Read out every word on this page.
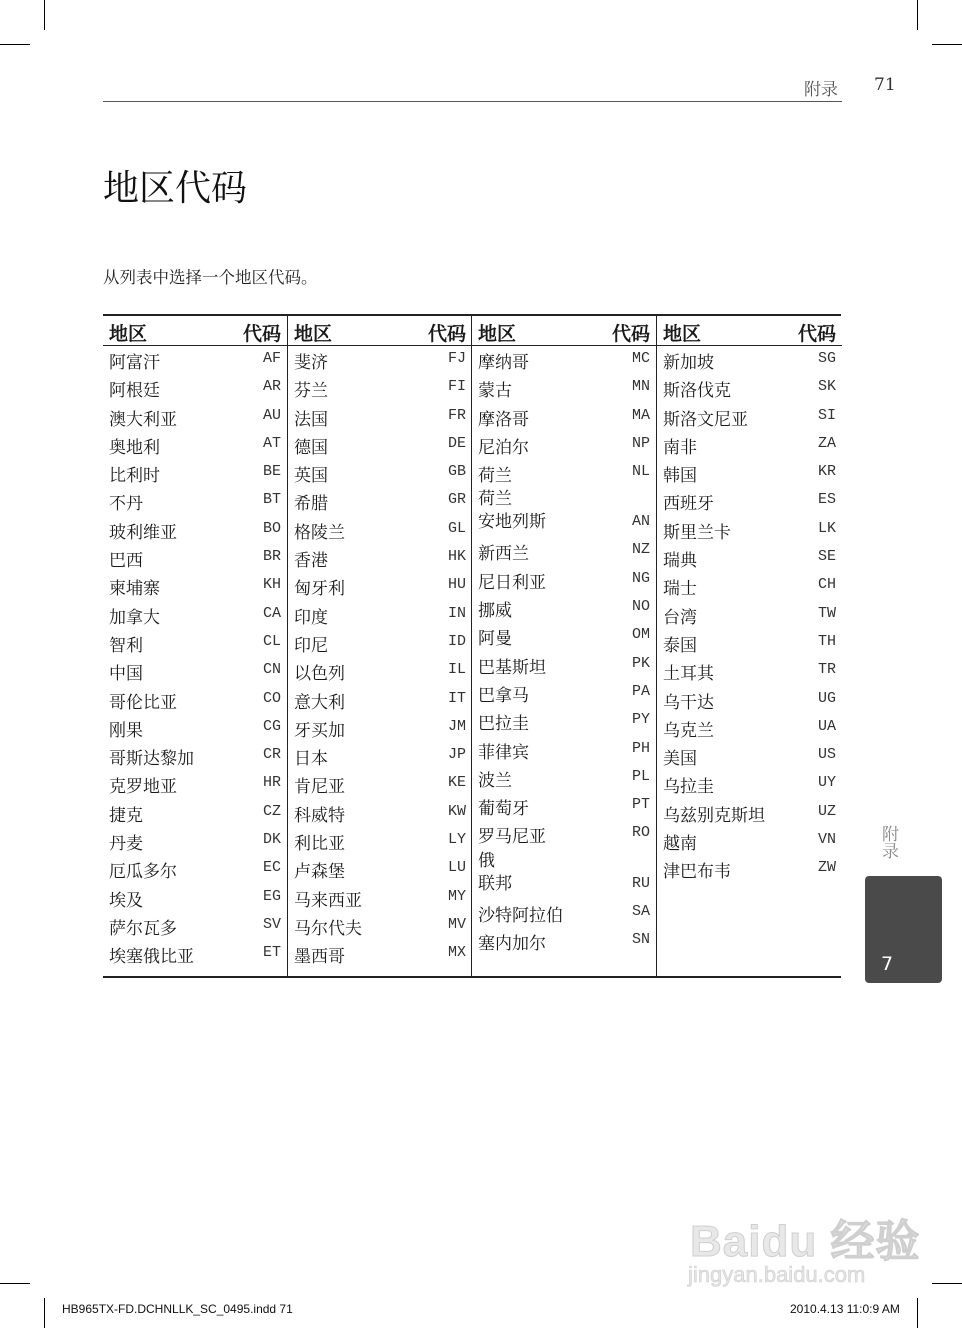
附录 71
地区代码
从列表中选择一个地区代码。
地区	代码
阿富汗	AF
阿根廷	AR
澳大利亚	AU
奥地利	AT
比利时	BE
不丹	BT
玻利维亚	BO
巴西	BR
柬埔寨	KH
加拿大	CA
智利	CL
中国	CN
哥伦比亚	CO
刚果	CG
哥斯达黎加	CR
克罗地亚	HR
捷克	CZ
丹麦	DK
厄瓜多尔	EC
埃及	EG
萨尔瓦多	SV
埃塞俄比亚	ET
地区	代码
斐济	FJ
芬兰	FI
法国	FR
德国	DE
英国	GB
希腊	GR
格陵兰	GL
香港	HK
匈牙利	HU
印度	IN
印尼	ID
以色列	IL
意大利	IT
牙买加	JM
日本	JP
肯尼亚	KE
科威特	KW
利比亚	LY
卢森堡	LU
马来西亚	MY
马尔代夫	MV
墨西哥	MX
地区	代码
摩纳哥	MC
蒙古	MN
摩洛哥	MA
尼泊尔	NP
荷兰	NL
荷兰
安地列斯	AN
新西兰	NZ
尼日利亚	NG
挪威	NO
阿曼	OM
巴基斯坦	PK
巴拿马	PA
巴拉圭	PY
菲律宾	PH
波兰	PL
葡萄牙	PT
罗马尼亚	RO
俄
联邦	RU
沙特阿拉伯	SA
塞内加尔	SN
地区	代码
新加坡	SG
斯洛伐克	SK
斯洛文尼亚	SI
南非	ZA
韩国	KR
西班牙	ES
斯里兰卡	LK
瑞典	SE
瑞士	CH
台湾	TW
泰国	TH
土耳其	TR
乌干达	UG
乌克兰	UA
美国	US
乌拉圭	UY
乌兹别克斯坦	UZ
越南	VN
津巴布韦	ZW
附录
7
Baidu 经验
jingyan.baidu.com
HB965TX-FD.DCHNLLK_SC_0495.indd 71	2010.4.13 11:0:9 AM
